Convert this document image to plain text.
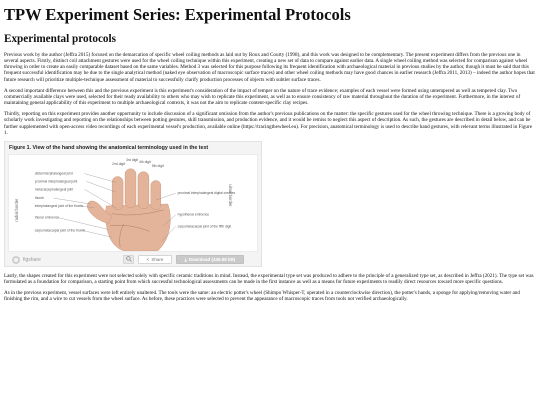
TPW Experiment Series: Experimental Protocols
Experimental protocols

Previous work by the author (Jeffra 2015) focused on the demarcation of specific wheel coiling methods as laid out by Roux and Courty (1998), and this work was designed to be complementary. The present experiment differs from the previous one in several aspects. Firstly, distinct coil attachment gestures were used for the wheel coiling technique within this experiment, creating a new set of data to compare against earlier data. A single wheel coiling method was selected for comparison against wheel throwing in order to create an easily comparable dataset based on the same variables. Method 3 was selected for this purpose following its frequent identification with archaeological material in previous studies by the author, though it must be said that this frequent successful identification may be due to the single analytical method (naked eye observation of macroscopic surface traces) and other wheel coiling methods may have good chances in earlier research (Jeffra 2011, 2013) – indeed the author hopes that future research will prioritize multiple-technique assessment of material to successfully clarify production processes of objects with subtler surface traces.

A second important difference between this and the previous experiment is this experiment's consideration of the impact of temper on the nature of trace evidence; examples of each vessel were formed using untempered as well as tempered clay. Two commercially available clays were used, selected for their ready availability to others who may wish to replicate this experiment, as well as to ensure consistency of raw material throughout the duration of the experiment. Furthermore, in the interest of maintaining general applicability of this experiment to multiple archaeological contexts, it was not the aim to replicate content-specific clay recipes.

Thirdly, reporting on this experiment provides another opportunity to include discussion of a significant omission from the author's previous publications on the matter: the specific gestures used for the wheel throwing technique. There is a growing body of scholarly work investigating and reporting on the relationships between potting gestures, skill transmission, and production evidence, and it would be remiss to neglect this aspect of description. As such, the gestures are described in detail below, and can be further supplemented with open-access video recordings of each experimental vessel's production, available online (https://tracingthewheel.eu). For precision, anatomical terminology is used to describe hand gestures, with relevant terms illustrated in Figure 1.

Figure 1. View of the hand showing the anatomical terminology used in the text
radial border
ulnar border
2nd digit
3rd digit 4th digit
5th digit
distal interphalangeal joint
proximal interphalangeal joint
metacarpophalangeal joint
thumb
interphalangeal joint of the thumb
thenar eminence
carpometacarpal joint of the thumb
proximal interphalangeal digital creases
hypothenar eminence
carpometacarpal joint of the fifth digit
figshare	< Share	⤓ Download (436.98 kB)

Lastly, the shapes created for this experiment were not selected solely with specific ceramic traditions in mind. Instead, the experimental type set was produced to adhere to the principle of a generalized type set, as described in Jeffra (2021). The type set was formulated as a foundation for comparison, a starting point from which successful technological assessments can be made in the first instance as well as a means for future experiments to readily direct resources toward more specific questions.

As in the previous experiment, vessel surfaces were left entirely unaltered. The tools were the same: an electric potter's wheel (Shimpo Whisper-T, operated in a counterclockwise direction), the potter's hands, a sponge for applying/removing water and finishing the rim, and a wire to cut vessels from the wheel surface. As before, these practices were selected to prevent the appearance of macroscopic traces from tools not verified archaeologically.
